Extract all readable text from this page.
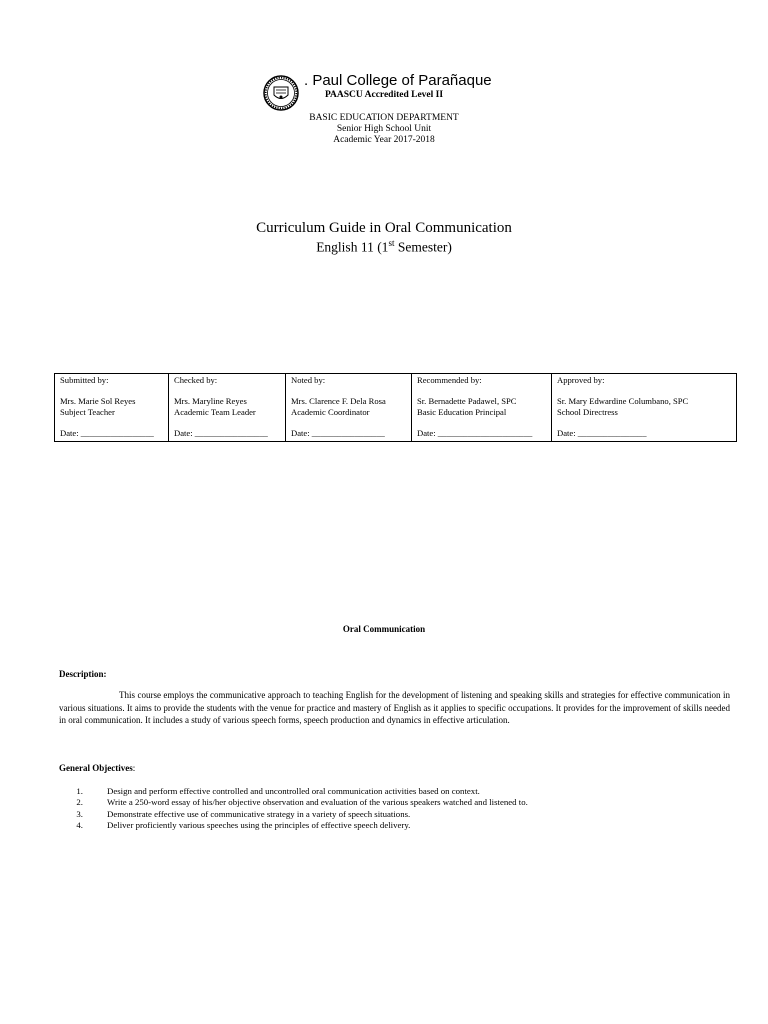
. Paul College of Parañaque
PAASCU Accredited Level II
BASIC EDUCATION DEPARTMENT
Senior High School Unit
Academic Year 2017-2018
Curriculum Guide in Oral Communication
English 11 (1st Semester)
Submitted by:
Mrs. Marie Sol Reyes
Subject Teacher
Date: _________________

Checked by:
Mrs. Maryline Reyes
Academic Team Leader
Date: _________________

Noted by:
Mrs. Clarence F. Dela Rosa
Academic Coordinator
Date: _________________

Recommended by:
Sr. Bernadette Padawel, SPC
Basic Education Principal
Date: ______________________

Approved by:
Sr. Mary Edwardine Columbano, SPC
School Directress
Date: ________________
Oral Communication
Description:
This course employs the communicative approach to teaching English for the development of listening and speaking skills and strategies for effective communication in various situations. It aims to provide the students with the venue for practice and mastery of English as it applies to specific occupations. It provides for the improvement of skills needed in oral communication. It includes a study of various speech forms, speech production and dynamics in effective articulation.
General Objectives:
1.	Design and perform effective controlled and uncontrolled oral communication activities based on context.
2.	Write a 250-word essay of his/her objective observation and evaluation of the various speakers watched and listened to.
3.	Demonstrate effective use of communicative strategy in a variety of speech situations.
4.	Deliver proficiently various speeches using the principles of effective speech delivery.
